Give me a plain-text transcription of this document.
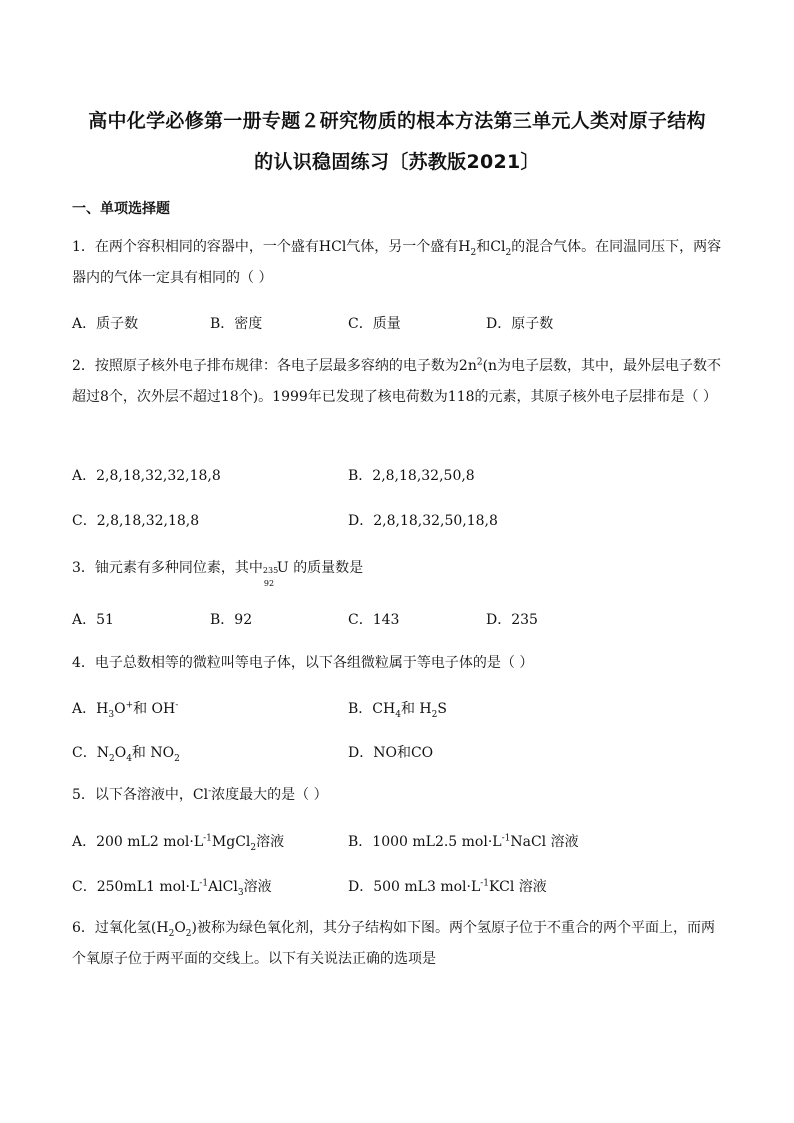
高中化学必修第一册专题２研究物质的根本方法第三单元人类对原子结构
的认识稳固练习〔苏教版2021〕
一、单项选择题
1．在两个容积相同的容器中，一个盛有HCl气体，另一个盛有$H_2$和$Cl_2$的混合气体。在同温同压下，两容器内的气体一定具有相同的（ ）
A．质子数	B．密度	C．质量	D．原子数
2．按照原子核外电子排布规律：各电子层最多容纳的电子数为$2n^2(n$为电子层数，其中，最外层电子数不超过8个，次外层不超过18个)。1999年已发现了核电荷数为118的元素，其原子核外电子层排布是（ ）
A．2,8,18,32,32,18,8	B．2,8,18,32,50,8
C．2,8,18,32,18,8	D．2,8,18,32,50,18,8
3．铀元素有多种同位素，其中 235
92
U 的质量数是
A．51	B．92	C．143	D．235
4．电子总数相等的微粒叫等电子体，以下各组微粒属于等电子体的是（ ）
A．$H_3O^+$和 OH-	B．$CH_4$和 $H_2S$
C．$N_2O_4$和 $NO_2$	D．NO和CO
5．以下各溶液中，Cl-浓度最大的是（ ）
A．200 mL2 $mol\cdot L^{-1}MgCl_2$溶液	B．1000 mL2.5 $mol\cdot L^{-1}NaCl$ 溶液
C．250mL1 $mol\cdot L^{-1}AlCl_3$溶液	D．500 mL3 $mol\cdot L^{-1}KCl$ 溶液
6．过氧化氢$(H_2O_2)$被称为绿色氧化剂，其分子结构如下图。两个氢原子位于不重合的两个平面上，而两个氧原子位于两平面的交线上。以下有关说法正确的选项是
